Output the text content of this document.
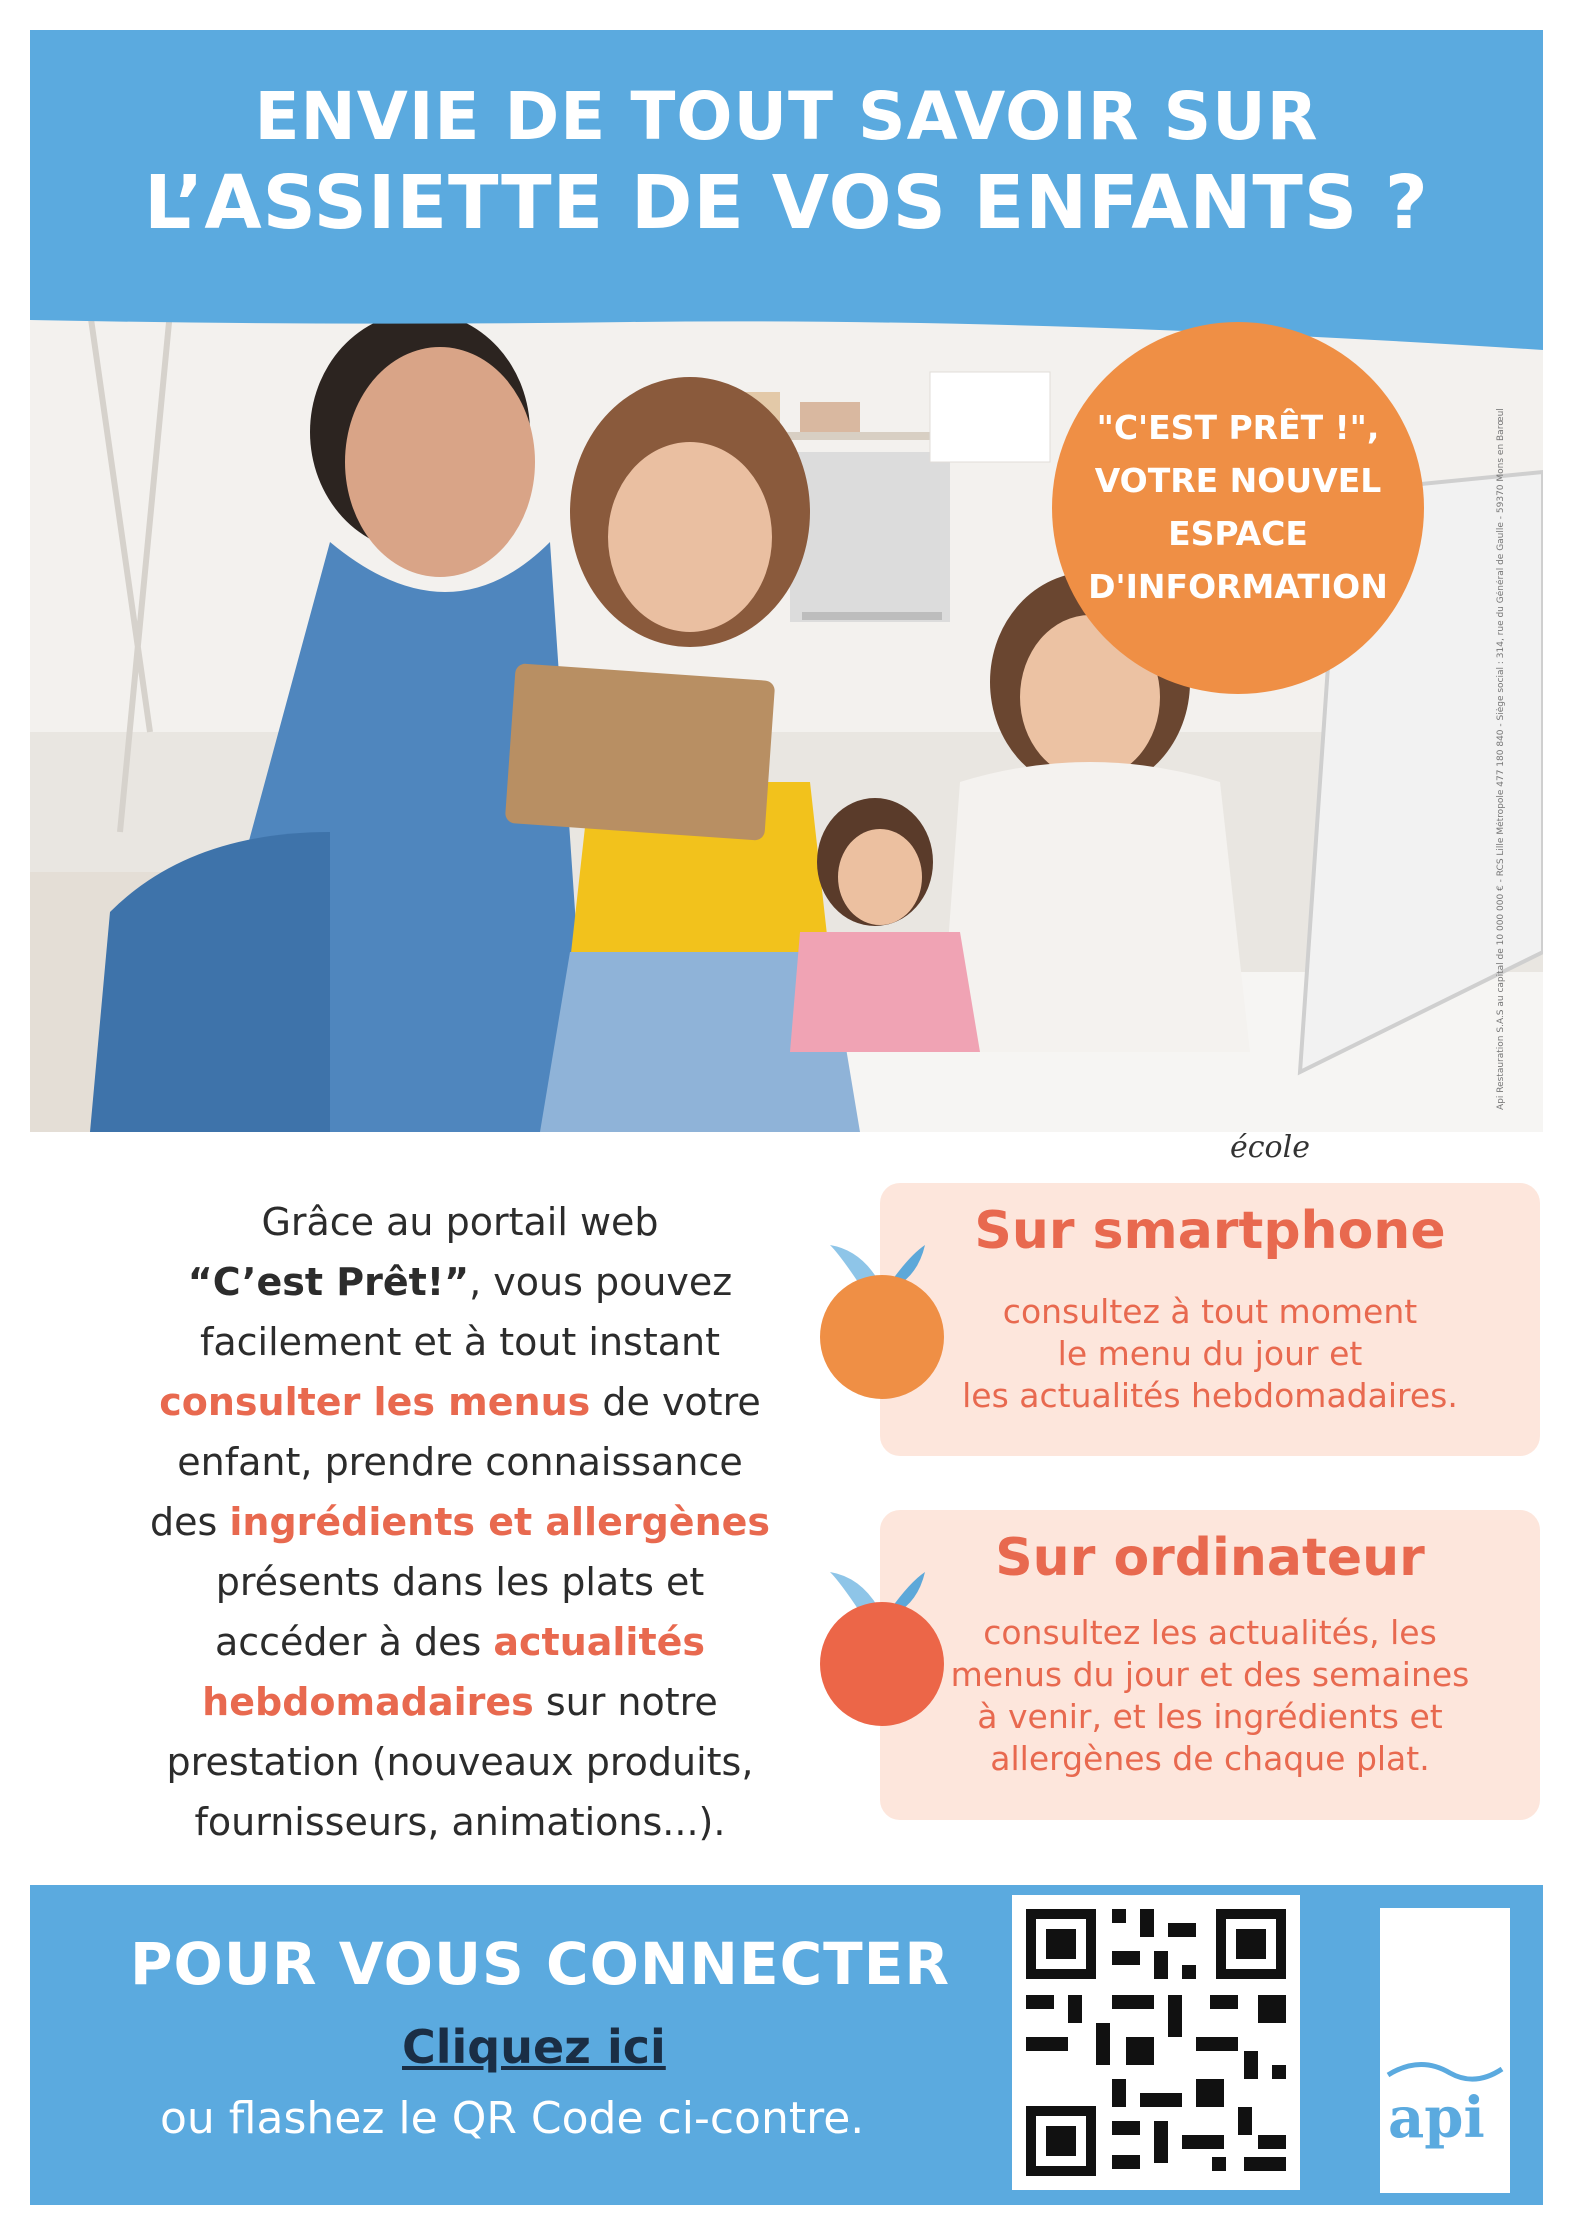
ENVIE DE TOUT SAVOIR SUR
L’ASSIETTE DE VOS ENFANTS ?
"C'EST PRÊT !",
VOTRE NOUVEL
ESPACE
D'INFORMATION	Api Restauration S.A.S au capital de 10 000 000 € - RCS Lille Métropole 477 180 840 - Siège social : 314, rue du Général de Gaulle - 59370 Mons en Barœul
école
Grâce au portail web
“C’est Prêt!”, vous pouvez
facilement et à tout instant
consulter les menus de votre
enfant, prendre connaissance
des ingrédients et allergènes
présents dans les plats et
accéder à des actualités
hebdomadaires sur notre
prestation (nouveaux produits,
fournisseurs, animations...).
Sur smartphone

consultez à tout moment
le menu du jour et
les actualités hebdomadaires.

Sur ordinateur

consultez les actualités, les
menus du jour et des semaines
à venir, et les ingrédients et
allergènes de chaque plat.

POUR VOUS CONNECTER
Cliquez ici
ou flashez le QR Code ci-contre.	api
